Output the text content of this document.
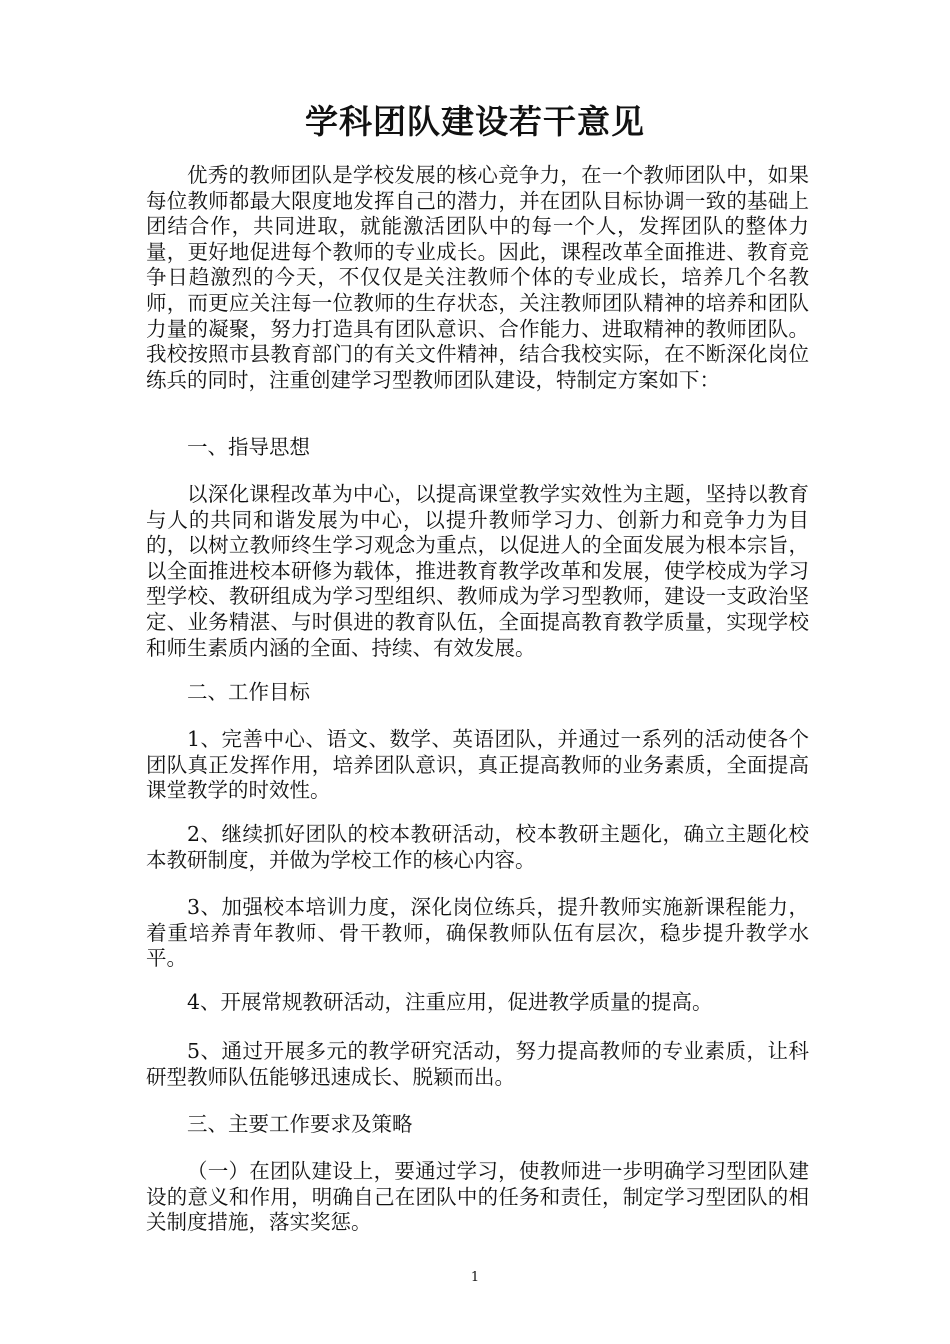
学科团队建设若干意见

优秀的教师团队是学校发展的核心竞争力，在一个教师团队中，如果每位教师都最大限度地发挥自己的潜力，并在团队目标协调一致的基础上团结合作，共同进取，就能激活团队中的每一个人，发挥团队的整体力量，更好地促进每个教师的专业成长。因此，课程改革全面推进、教育竞争日趋激烈的今天，不仅仅是关注教师个体的专业成长，培养几个名教师，而更应关注每一位教师的生存状态，关注教师团队精神的培养和团队力量的凝聚，努力打造具有团队意识、合作能力、进取精神的教师团队。我校按照市县教育部门的有关文件精神，结合我校实际，在不断深化岗位练兵的同时，注重创建学习型教师团队建设，特制定方案如下：

一、指导思想

以深化课程改革为中心，以提高课堂教学实效性为主题，坚持以教育与人的共同和谐发展为中心，以提升教师学习力、创新力和竞争力为目的，以树立教师终生学习观念为重点，以促进人的全面发展为根本宗旨，以全面推进校本研修为载体，推进教育教学改革和发展，使学校成为学习型学校、教研组成为学习型组织、教师成为学习型教师，建设一支政治坚定、业务精湛、与时俱进的教育队伍，全面提高教育教学质量，实现学校和师生素质内涵的全面、持续、有效发展。

二、工作目标

1、完善中心、语文、数学、英语团队，并通过一系列的活动使各个团队真正发挥作用，培养团队意识，真正提高教师的业务素质，全面提高课堂教学的时效性。

2、继续抓好团队的校本教研活动，校本教研主题化，确立主题化校本教研制度，并做为学校工作的核心内容。

3、加强校本培训力度，深化岗位练兵，提升教师实施新课程能力，着重培养青年教师、骨干教师，确保教师队伍有层次，稳步提升教学水平。

4、开展常规教研活动，注重应用，促进教学质量的提高。

5、通过开展多元的教学研究活动，努力提高教师的专业素质，让科研型教师队伍能够迅速成长、脱颖而出。

三、主要工作要求及策略

（一）在团队建设上，要通过学习，使教师进一步明确学习型团队建设的意义和作用，明确自己在团队中的任务和责任，制定学习型团队的相关制度措施，落实奖惩。

1
